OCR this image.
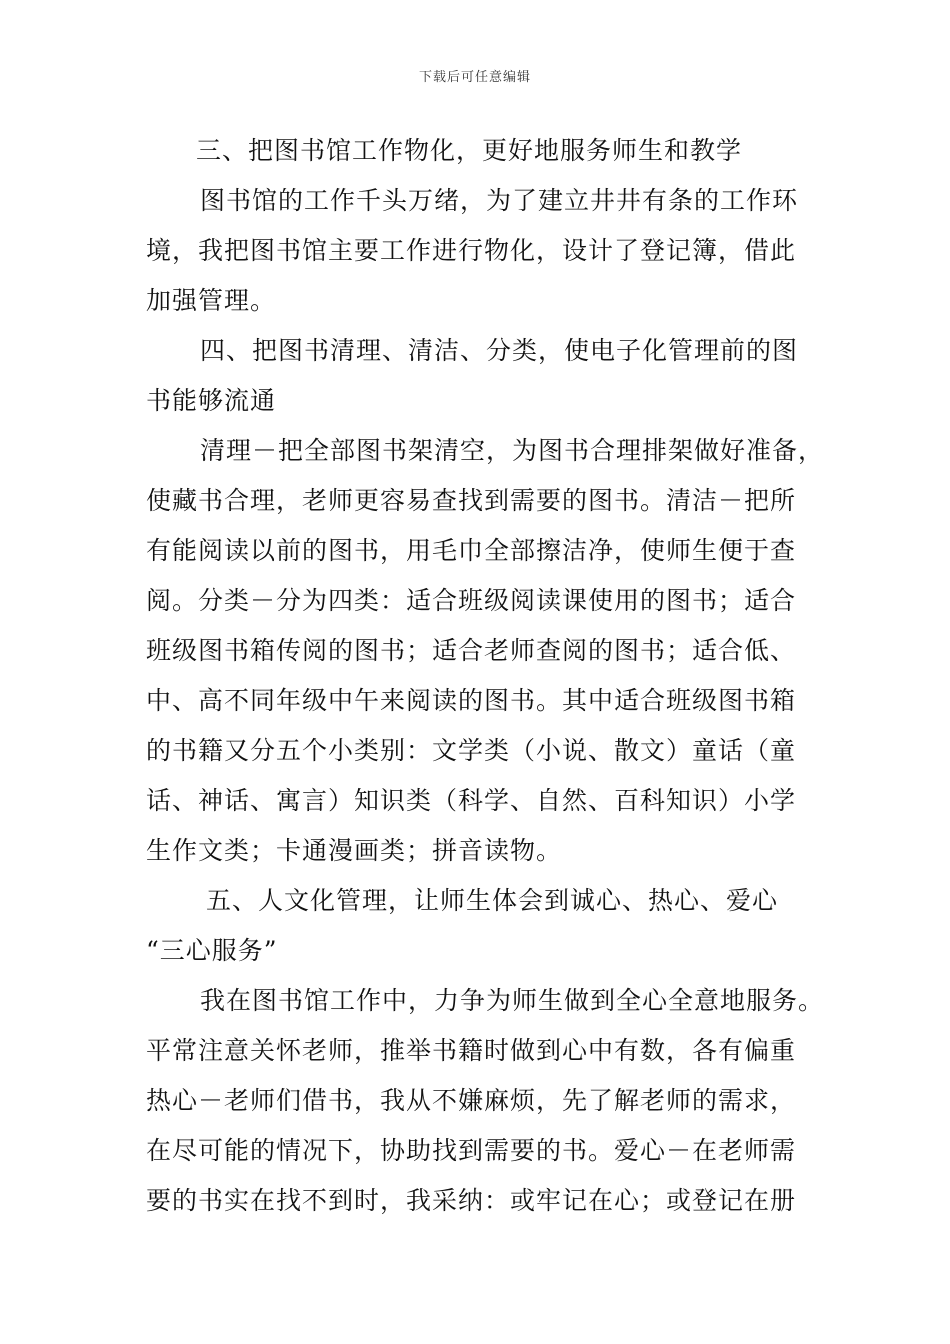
下载后可任意编辑
三、把图书馆工作物化，更好地服务师生和教学
图书馆的工作千头万绪，为了建立井井有条的工作环
境，我把图书馆主要工作进行物化，设计了登记簿，借此
加强管理。
四、把图书清理、清洁、分类，使电子化管理前的图
书能够流通
清理－把全部图书架清空，为图书合理排架做好准备，
使藏书合理，老师更容易查找到需要的图书。清洁－把所
有能阅读以前的图书，用毛巾全部擦洁净，使师生便于查
阅。分类－分为四类：适合班级阅读课使用的图书；适合
班级图书箱传阅的图书；适合老师查阅的图书；适合低、
中、高不同年级中午来阅读的图书。其中适合班级图书箱
的书籍又分五个小类别：文学类（小说、散文）童话（童
话、神话、寓言）知识类（科学、自然、百科知识）小学
生作文类；卡通漫画类；拼音读物。
五、人文化管理，让师生体会到诚心、热心、爱心
“三心服务”
我在图书馆工作中，力争为师生做到全心全意地服务。
平常注意关怀老师，推举书籍时做到心中有数，各有偏重
热心－老师们借书，我从不嫌麻烦，先了解老师的需求，
在尽可能的情况下，协助找到需要的书。爱心－在老师需
要的书实在找不到时，我采纳：或牢记在心；或登记在册
